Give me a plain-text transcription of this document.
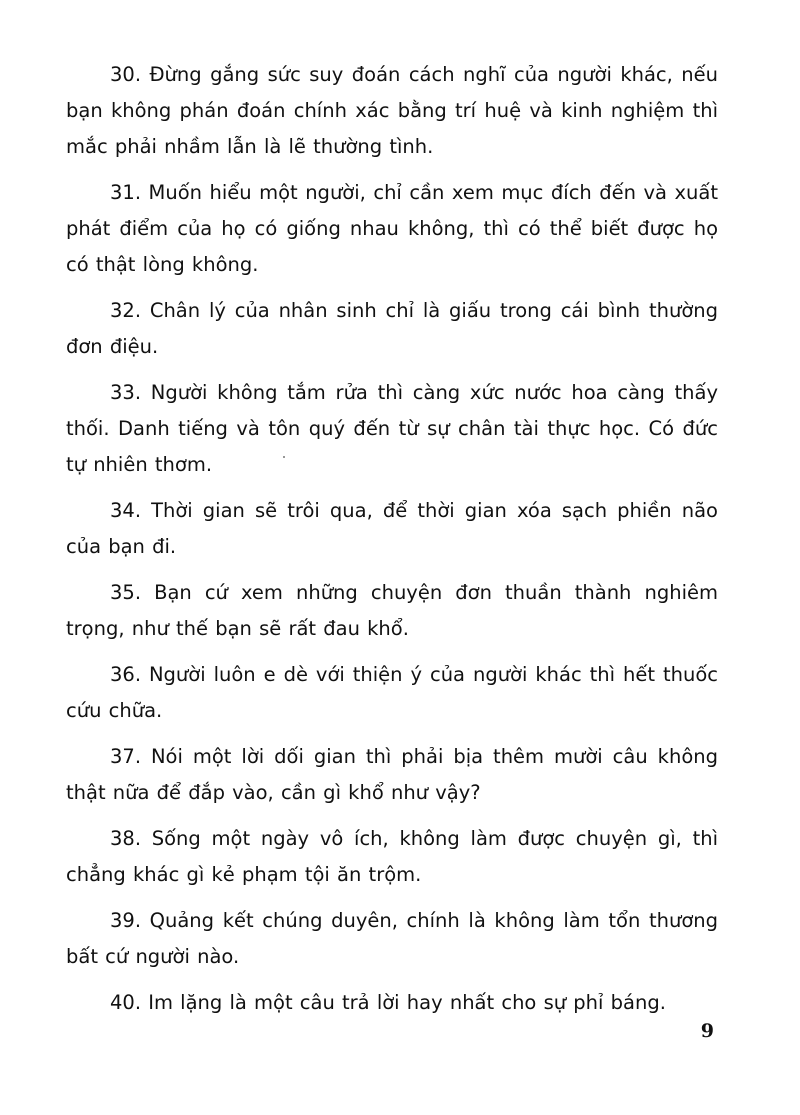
30. Đừng gắng sức suy đoán cách nghĩ của người khác, nếu bạn không phán đoán chính xác bằng trí huệ và kinh nghiệm thì mắc phải nhầm lẫn là lẽ thường tình.

31. Muốn hiểu một người, chỉ cần xem mục đích đến và xuất phát điểm của họ có giống nhau không, thì có thể biết được họ có thật lòng không.

32. Chân lý của nhân sinh chỉ là giấu trong cái bình thường đơn điệu.

33. Người không tắm rửa thì càng xức nước hoa càng thấy thối. Danh tiếng và tôn quý đến từ sự chân tài thực học. Có đức tự nhiên thơm.

34. Thời gian sẽ trôi qua, để thời gian xóa sạch phiền não của bạn đi.

35. Bạn cứ xem những chuyện đơn thuần thành nghiêm trọng, như thế bạn sẽ rất đau khổ.

36. Người luôn e dè với thiện ý của người khác thì hết thuốc cứu chữa.

37. Nói một lời dối gian thì phải bịa thêm mười câu không thật nữa để đắp vào, cần gì khổ như vậy?

38. Sống một ngày vô ích, không làm được chuyện gì, thì chẳng khác gì kẻ phạm tội ăn trộm.

39. Quảng kết chúng duyên, chính là không làm tổn thương bất cứ người nào.

40. Im lặng là một câu trả lời hay nhất cho sự phỉ báng.

9
